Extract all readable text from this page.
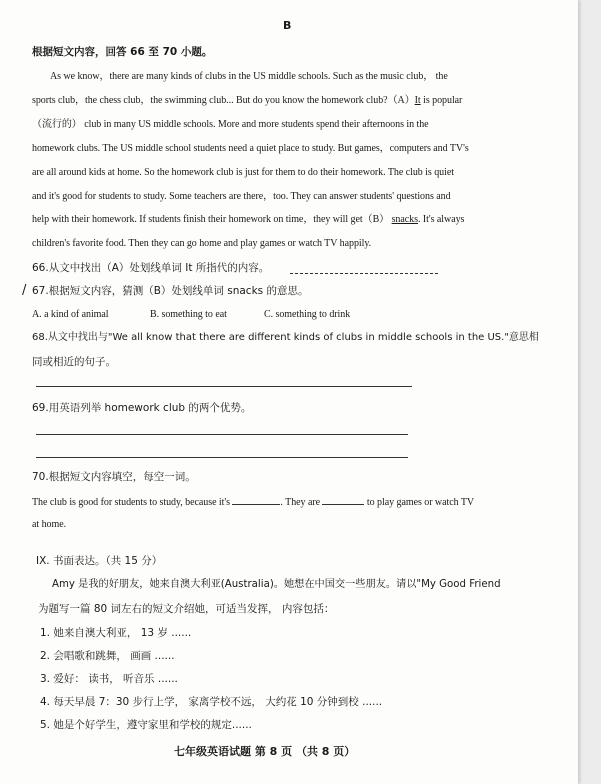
B
根据短文内容，回答 66 至 70 小题。
As we know，there are many kinds of clubs in the US middle schools. Such as the music club， the
sports club，the chess club，the swimming club... But do you know the homework club?（A）It is popular
（流行的） club in many US middle schools. More and more students spend their afternoons in the
homework clubs. The US middle school students need a quiet place to study. But games，computers and TV's
are all around kids at home. So the homework club is just for them to do their homework. The club is quiet
and it's good for students to study. Some teachers are there，too. They can answer students' questions and
help with their homework. If students finish their homework on time，they will get（B） snacks. It's always
children's favorite food. Then they can go home and play games or watch TV happily.
66.从文中找出（A）处划线单词 It 所指代的内容。
/ 67.根据短文内容，猜测（B）处划线单词 snacks 的意思。
A. a kind of animal	B. something to eat	C. something to drink
68.从文中找出与"We all know that there are different kinds of clubs in middle schools in the US."意思相
同或相近的句子。
69.用英语列举 homework club 的两个优势。
70.根据短文内容填空，每空一词。
The club is good for students to study, because it's	. They are	to play games or watch TV
at home.
IX. 书面表达。（共 15 分）
Amy 是我的好朋友，她来自澳大利亚(Australia)。她想在中国交一些朋友。请以"My Good Friend
为题写一篇 80 词左右的短文介绍她，可适当发挥， 内容包括：
1. 她来自澳大利亚， 13 岁 ......
2. 会唱歌和跳舞， 画画 ......
3. 爱好： 读书， 听音乐 ......
4. 每天早晨 7：30 步行上学， 家离学校不远， 大约花 10 分钟到校 ......
5. 她是个好学生，遵守家里和学校的规定......
七年级英语试题 第 8 页 （共 8 页）
